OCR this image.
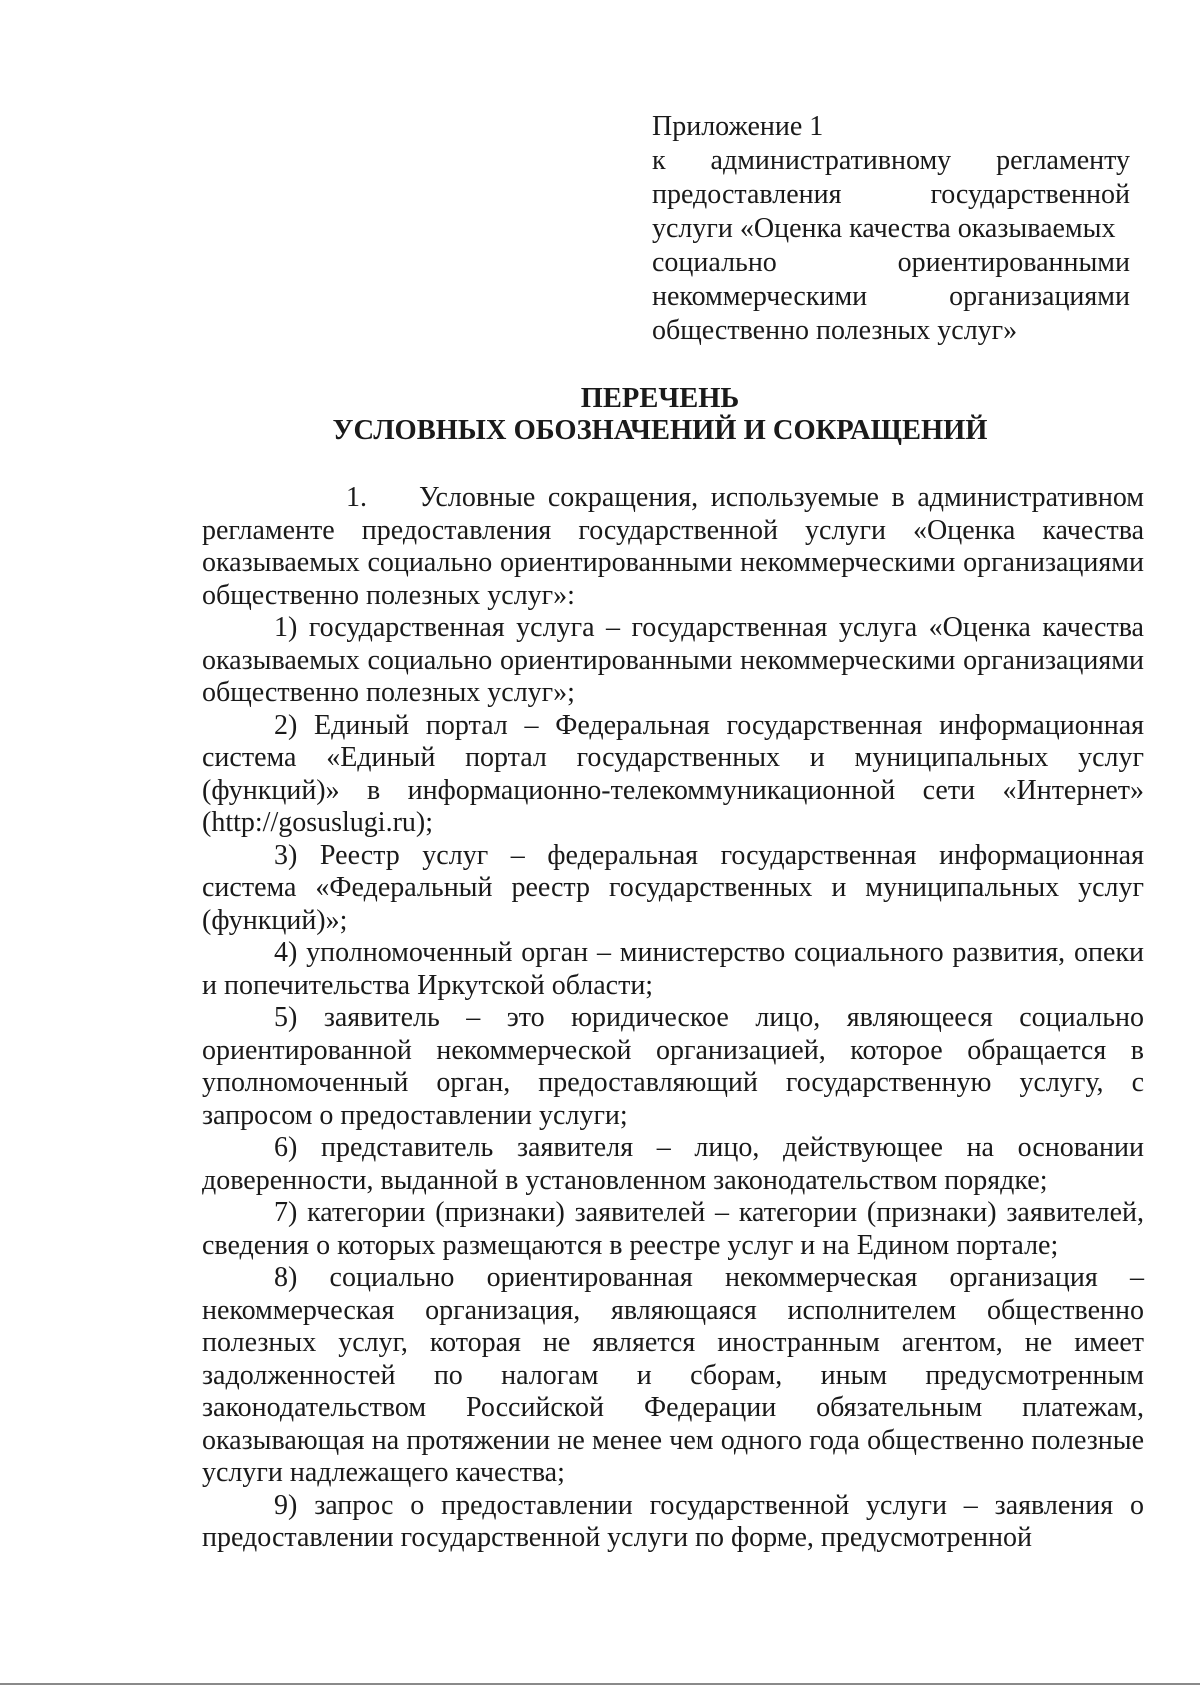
Приложение 1
к административному регламенту
предоставления государственной
услуги «Оценка качества оказываемых
социально ориентированными
некоммерческими организациями
общественно полезных услуг»
ПЕРЕЧЕНЬ
УСЛОВНЫХ ОБОЗНАЧЕНИЙ И СОКРАЩЕНИЙ

1. Условные сокращения, используемые в административном регламенте предоставления государственной услуги «Оценка качества оказываемых социально ориентированными некоммерческими организациями общественно полезных услуг»:

1) государственная услуга – государственная услуга «Оценка качества оказываемых социально ориентированными некоммерческими организациями общественно полезных услуг»;

2) Единый портал – Федеральная государственная информационная система «Единый портал государственных и муниципальных услуг (функций)» в информационно-телекоммуникационной сети «Интернет» (http://gosuslugi.ru);

3) Реестр услуг – федеральная государственная информационная система «Федеральный реестр государственных и муниципальных услуг (функций)»;

4) уполномоченный орган – министерство социального развития, опеки и попечительства Иркутской области;

5) заявитель – это юридическое лицо, являющееся социально ориентированной некоммерческой организацией, которое обращается в уполномоченный орган, предоставляющий государственную услугу, с запросом о предоставлении услуги;

6) представитель заявителя – лицо, действующее на основании доверенности, выданной в установленном законодательством порядке;

7) категории (признаки) заявителей – категории (признаки) заявителей, сведения о которых размещаются в реестре услуг и на Едином портале;

8) социально ориентированная некоммерческая организация – некоммерческая организация, являющаяся исполнителем общественно полезных услуг, которая не является иностранным агентом, не имеет задолженностей по налогам и сборам, иным предусмотренным законодательством Российской Федерации обязательным платежам, оказывающая на протяжении не менее чем одного года общественно полезные услуги надлежащего качества;

9) запрос о предоставлении государственной услуги – заявления о предоставлении государственной услуги по форме, предусмотренной
